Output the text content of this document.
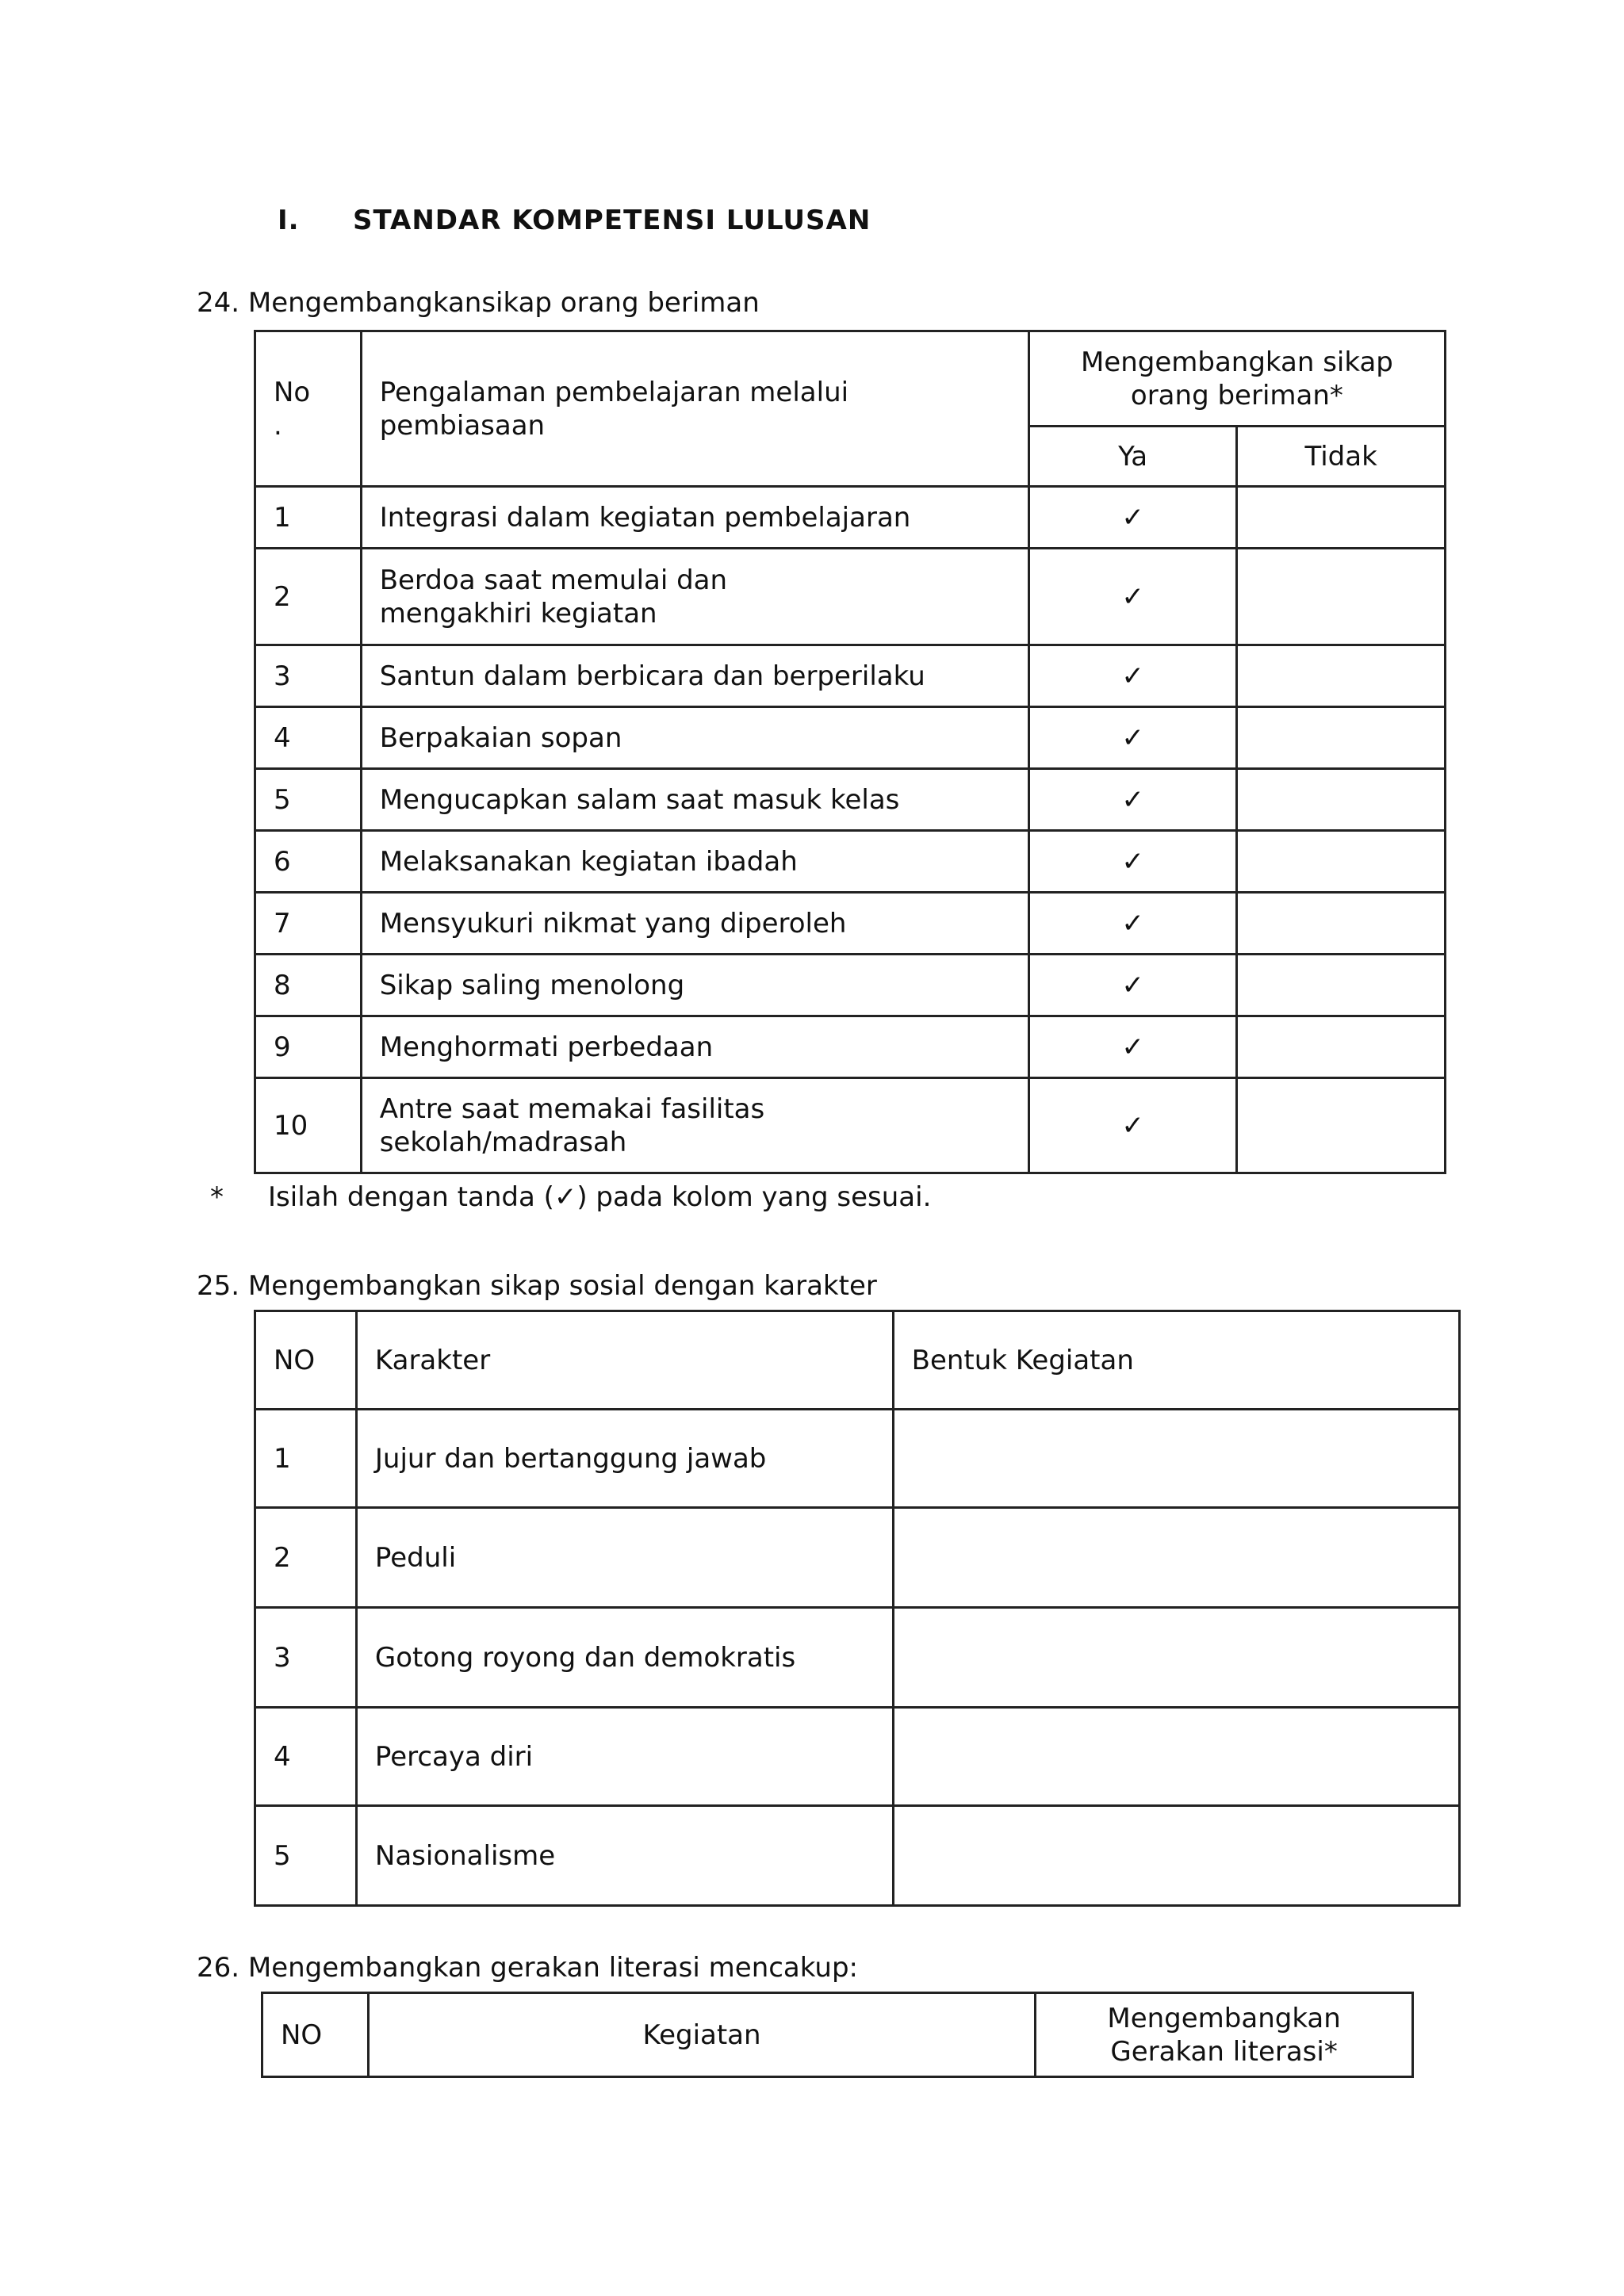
I. STANDAR KOMPETENSI LULUSAN
24. Mengembangkansikap orang beriman
No
.	Pengalaman pembelajaran melalui pembiasaan	Mengembangkan sikap orang beriman*	
		Ya	Tidak
1	Integrasi dalam kegiatan pembelajaran	✓	
2	Berdoa saat memulai dan mengakhiri kegiatan	✓	
3	Santun dalam berbicara dan berperilaku	✓	
4	Berpakaian sopan	✓	
5	Mengucapkan salam saat masuk kelas	✓	
6	Melaksanakan kegiatan ibadah	✓	
7	Mensyukuri nikmat yang diperoleh	✓	
8	Sikap saling menolong	✓	
9	Menghormati perbedaan	✓	
10	Antre saat memakai fasilitas sekolah/madrasah	✓	
* Isilah dengan tanda (✓) pada kolom yang sesuai.
25. Mengembangkan sikap sosial dengan karakter
NO	Karakter	Bentuk Kegiatan
1	Jujur dan bertanggung jawab	
2	Peduli	
3	Gotong royong dan demokratis	
4	Percaya diri	
5	Nasionalisme	
26. Mengembangkan gerakan literasi mencakup:
NO	Kegiatan	Mengembangkan Gerakan literasi*
